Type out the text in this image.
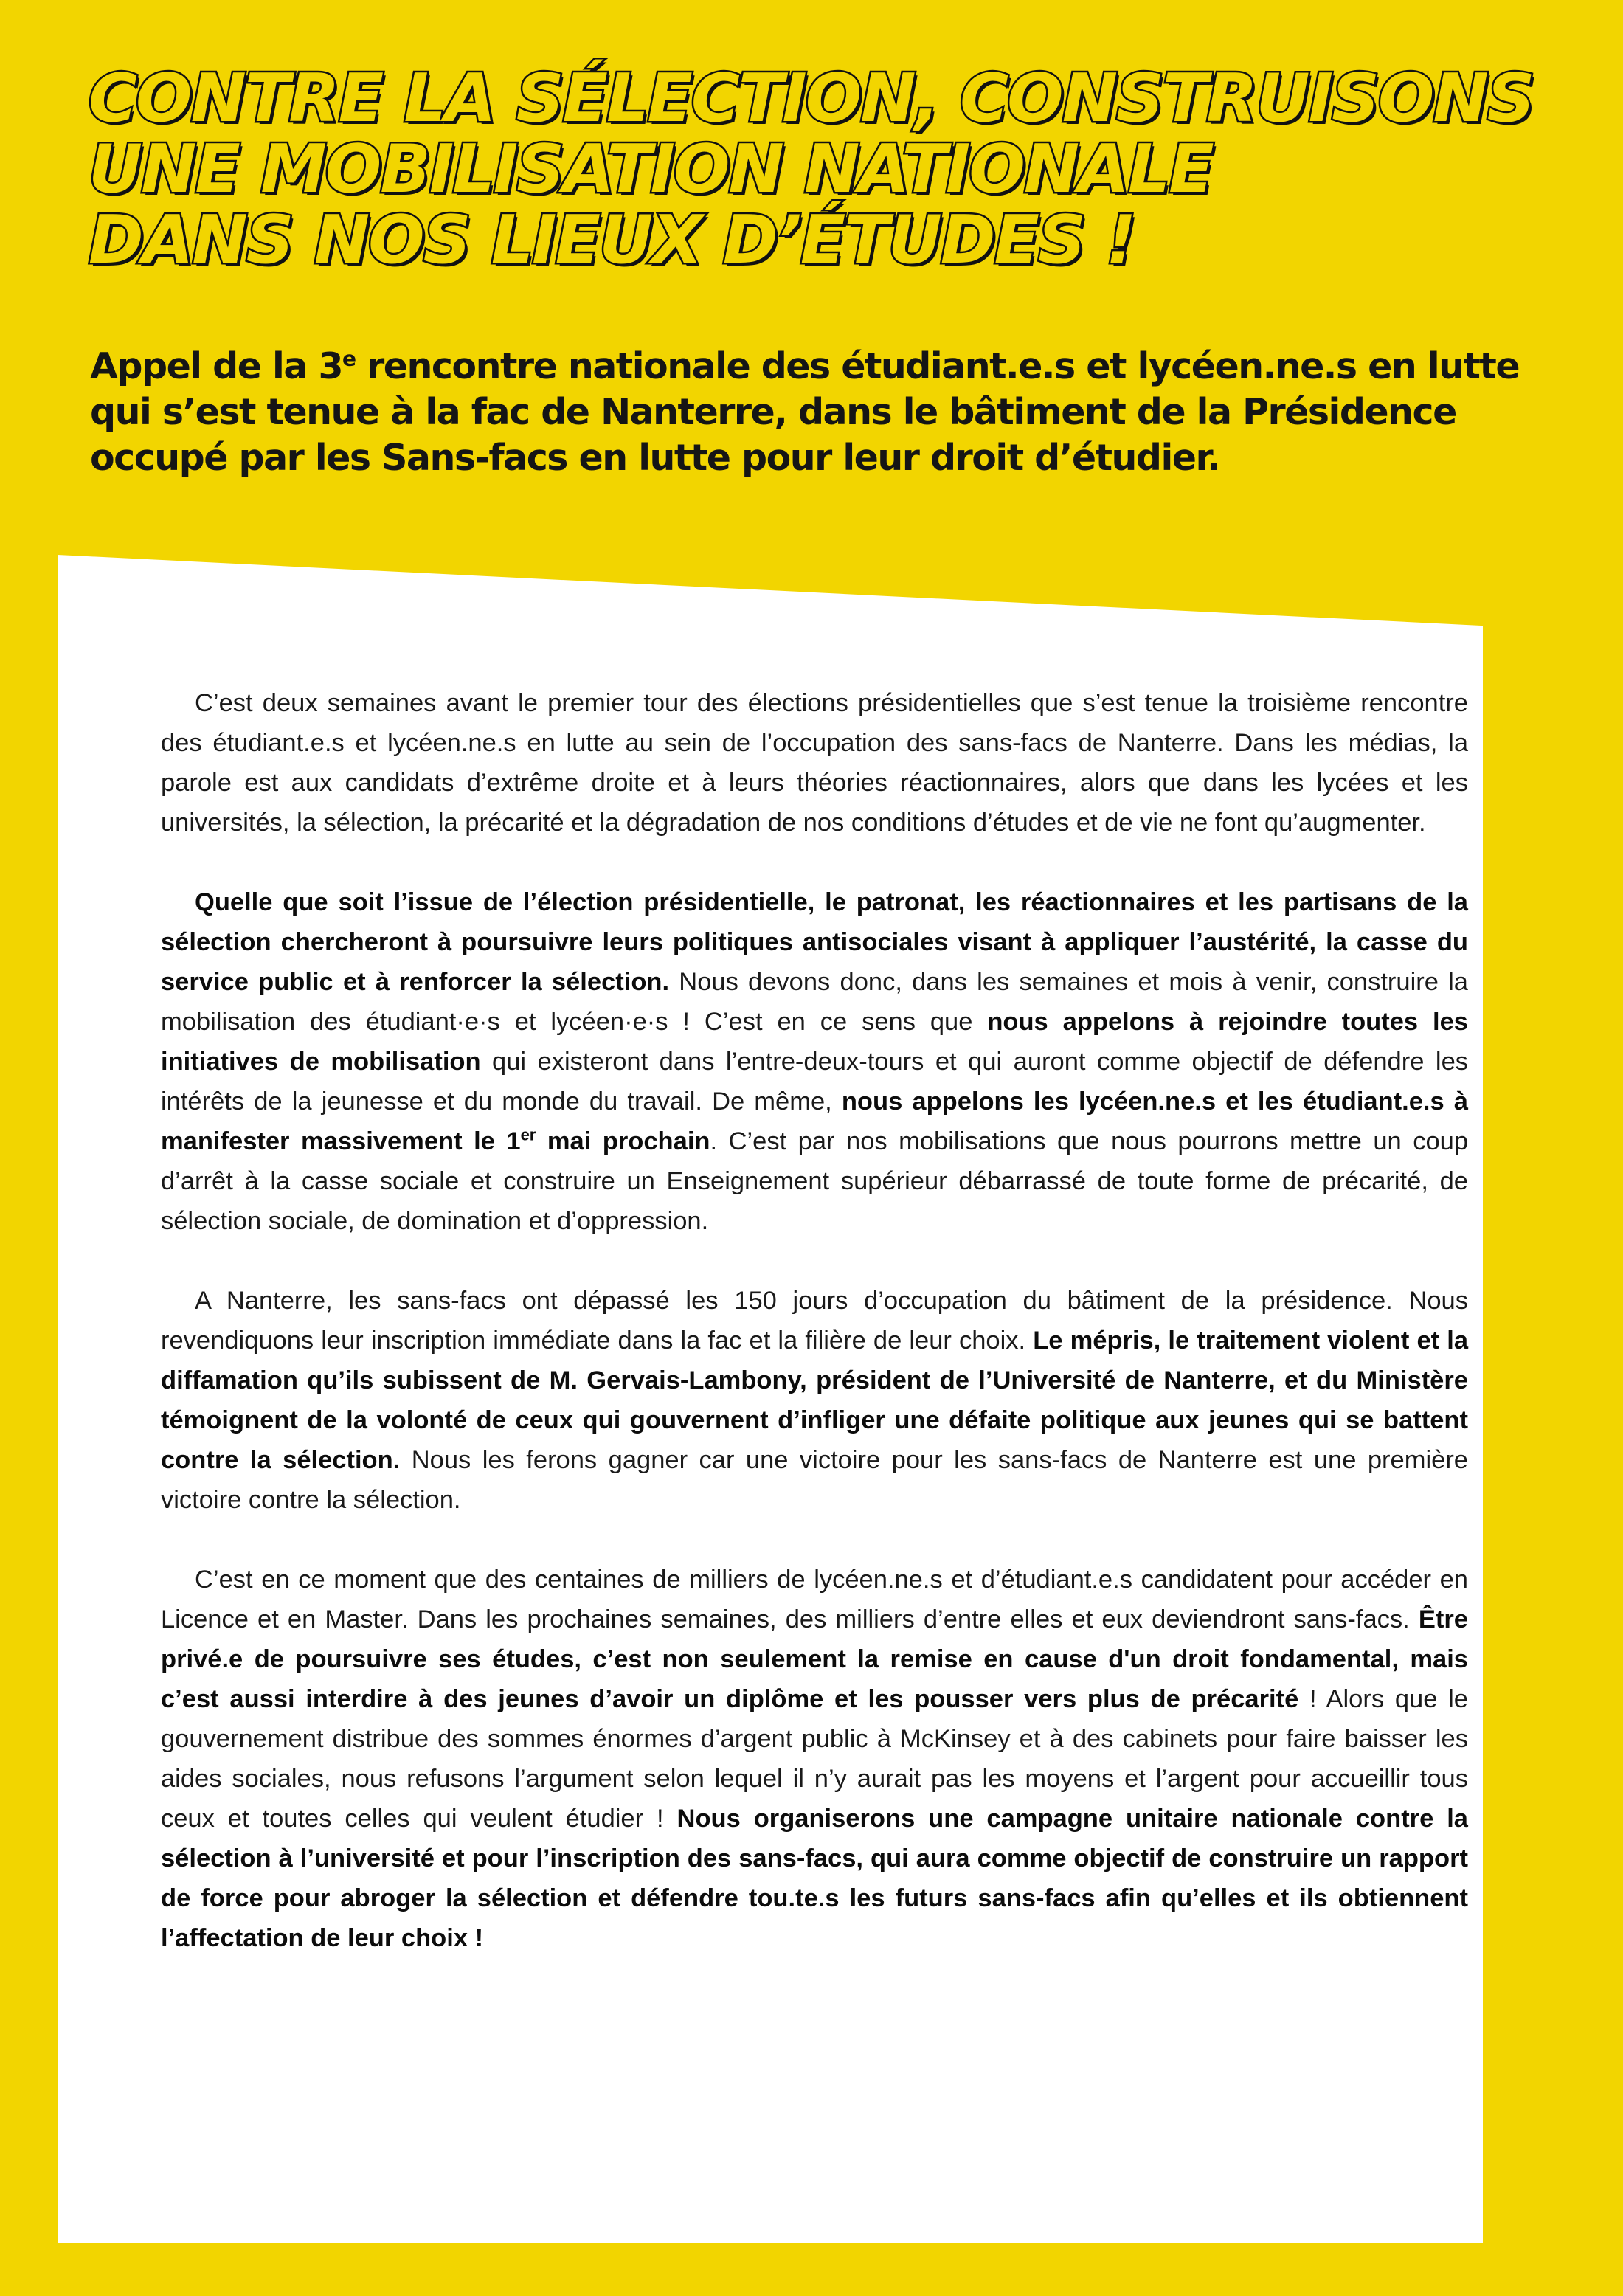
CONTRE LA SÉLECTION, CONSTRUISONS
UNE MOBILISATION NATIONALE
DANS NOS LIEUX D’ÉTUDES !
Appel de la 3e rencontre nationale des étudiant.e.s et lycéen.ne.s en lutte
qui s’est tenue à la fac de Nanterre, dans le bâtiment de la Présidence
occupé par les Sans-facs en lutte pour leur droit d’étudier.

C’est deux semaines avant le premier tour des élections présidentielles que s’est tenue la troisième rencontre des étudiant.e.s et lycéen.ne.s en lutte au sein de l’occupation des sans-facs de Nanterre. Dans les médias, la parole est aux candidats d’extrême droite et à leurs théories réactionnaires, alors que dans les lycées et les universités, la sélection, la précarité et la dégradation de nos conditions d’études et de vie ne font qu’augmenter.

Quelle que soit l’issue de l’élection présidentielle, le patronat, les réactionnaires et les partisans de la sélection chercheront à poursuivre leurs politiques antisociales visant à appliquer l’austérité, la casse du service public et à renforcer la sélection. Nous devons donc, dans les semaines et mois à venir, construire la mobilisation des étudiant·e·s et lycéen·e·s ! C’est en ce sens que nous appelons à rejoindre toutes les initiatives de mobilisation qui existeront dans l’entre-deux-tours et qui auront comme objectif de défendre les intérêts de la jeunesse et du monde du travail. De même, nous appelons les lycéen.ne.s et les étudiant.e.s à manifester massivement le 1er mai prochain. C’est par nos mobilisations que nous pourrons mettre un coup d’arrêt à la casse sociale et construire un Enseignement supérieur débarrassé de toute forme de précarité, de sélection sociale, de domination et d’oppression.

A Nanterre, les sans-facs ont dépassé les 150 jours d’occupation du bâtiment de la présidence. Nous revendiquons leur inscription immédiate dans la fac et la filière de leur choix. Le mépris, le traitement violent et la diffamation qu’ils subissent de M. Gervais-Lambony, président de l’Université de Nanterre, et du Ministère témoignent de la volonté de ceux qui gouvernent d’infliger une défaite politique aux jeunes qui se battent contre la sélection. Nous les ferons gagner car une victoire pour les sans-facs de Nanterre est une première victoire contre la sélection.

C’est en ce moment que des centaines de milliers de lycéen.ne.s et d’étudiant.e.s candidatent pour accéder en Licence et en Master. Dans les prochaines semaines, des milliers d’entre elles et eux deviendront sans-facs. Être privé.e de poursuivre ses études, c’est non seulement la remise en cause d'un droit fondamental, mais c’est aussi interdire à des jeunes d’avoir un diplôme et les pousser vers plus de précarité ! Alors que le gouvernement distribue des sommes énormes d’argent public à McKinsey et à des cabinets pour faire baisser les aides sociales, nous refusons l’argument selon lequel il n’y aurait pas les moyens et l’argent pour accueillir tous ceux et toutes celles qui veulent étudier ! Nous organiserons une campagne unitaire nationale contre la sélection à l’université et pour l’inscription des sans-facs, qui aura comme objectif de construire un rapport de force pour abroger la sélection et défendre tou.te.s les futurs sans-facs afin qu’elles et ils obtiennent l’affectation de leur choix !
